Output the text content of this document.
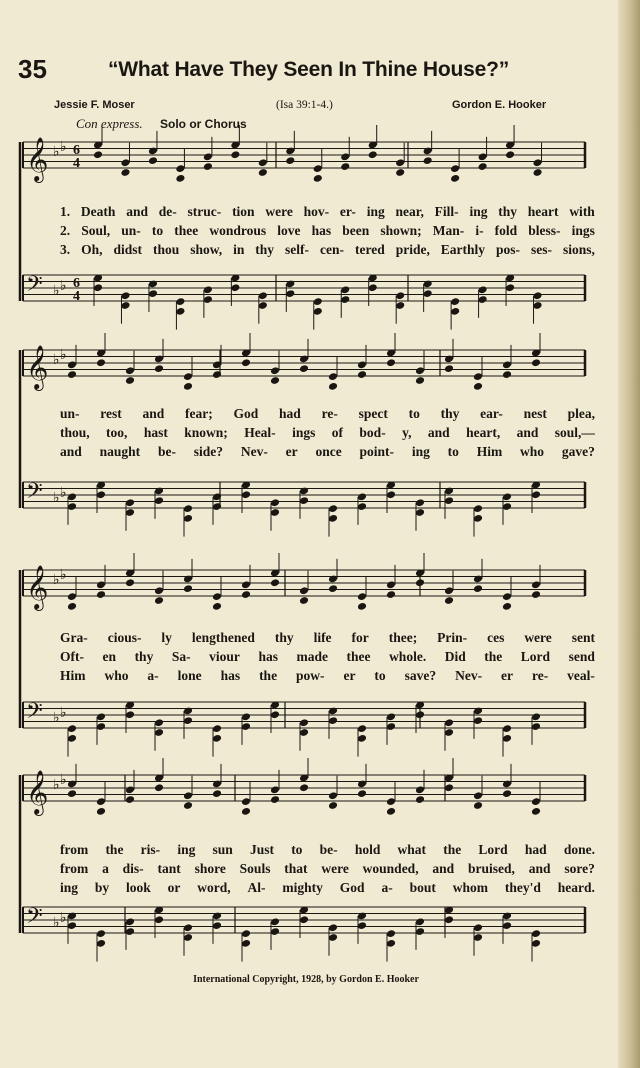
35	“What Have They Seen In Thine House?”
Jessie F. Moser	(Isa 39:1-4.)	Gordon E. Hooker
Con express. Solo or Chorus
𝄞 ♭ ♭ 6
4
𝄢 ♭ ♭ 6
4
1. Death and de- struc- tion were hov- er- ing near, Fill- ing thy heart with
2. Soul, un- to thee wondrous love has been shown; Man- i- fold bless- ings
3. Oh, didst thou show, in thy self- cen- tered pride, Earthly pos- ses- sions,
𝄞 ♭ ♭
𝄢 ♭ ♭
un- rest and fear; God had re- spect to thy ear- nest plea,
thou, too, hast known; Heal- ings of bod- y, and heart, and soul,—
and naught be- side? Nev- er once point- ing to Him who gave?
𝄞 ♭ ♭
𝄢 ♭ ♭
Gra- cious- ly lengthened thy life for thee; Prin- ces were sent
Oft- en thy Sa- viour has made thee whole. Did the Lord send
Him who a- lone has the pow- er to save? Nev- er re- veal-
𝄞 ♭ ♭
𝄢 ♭ ♭
from the ris- ing sun Just to be- hold what the Lord had done.
from a dis- tant shore Souls that were wounded, and bruised, and sore?
ing by look or word, Al- mighty God a- bout whom they'd heard.
International Copyright, 1928, by Gordon E. Hooker
